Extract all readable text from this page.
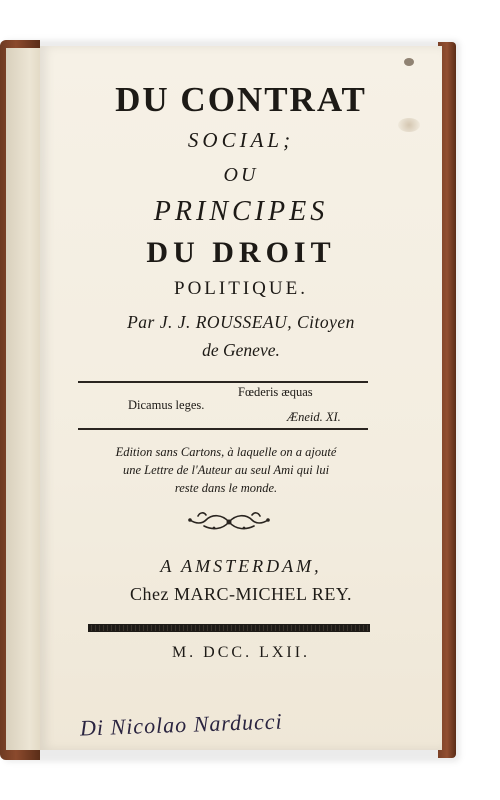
DU CONTRAT
SOCIAL;
OU
PRINCIPES
DU DROIT
POLITIQUE.
Par J. J. ROUSSEAU, Citoyen
de Geneve.
Fœderis æquas
Dicamus leges.
Æneid. XI.
Edition sans Cartons, à laquelle on a ajouté
une Lettre de l'Auteur au seul Ami qui lui
reste dans le monde.
A AMSTERDAM,
Chez MARC-MICHEL REY.
M. DCC. LXII.
Di Nicolao Narducci
